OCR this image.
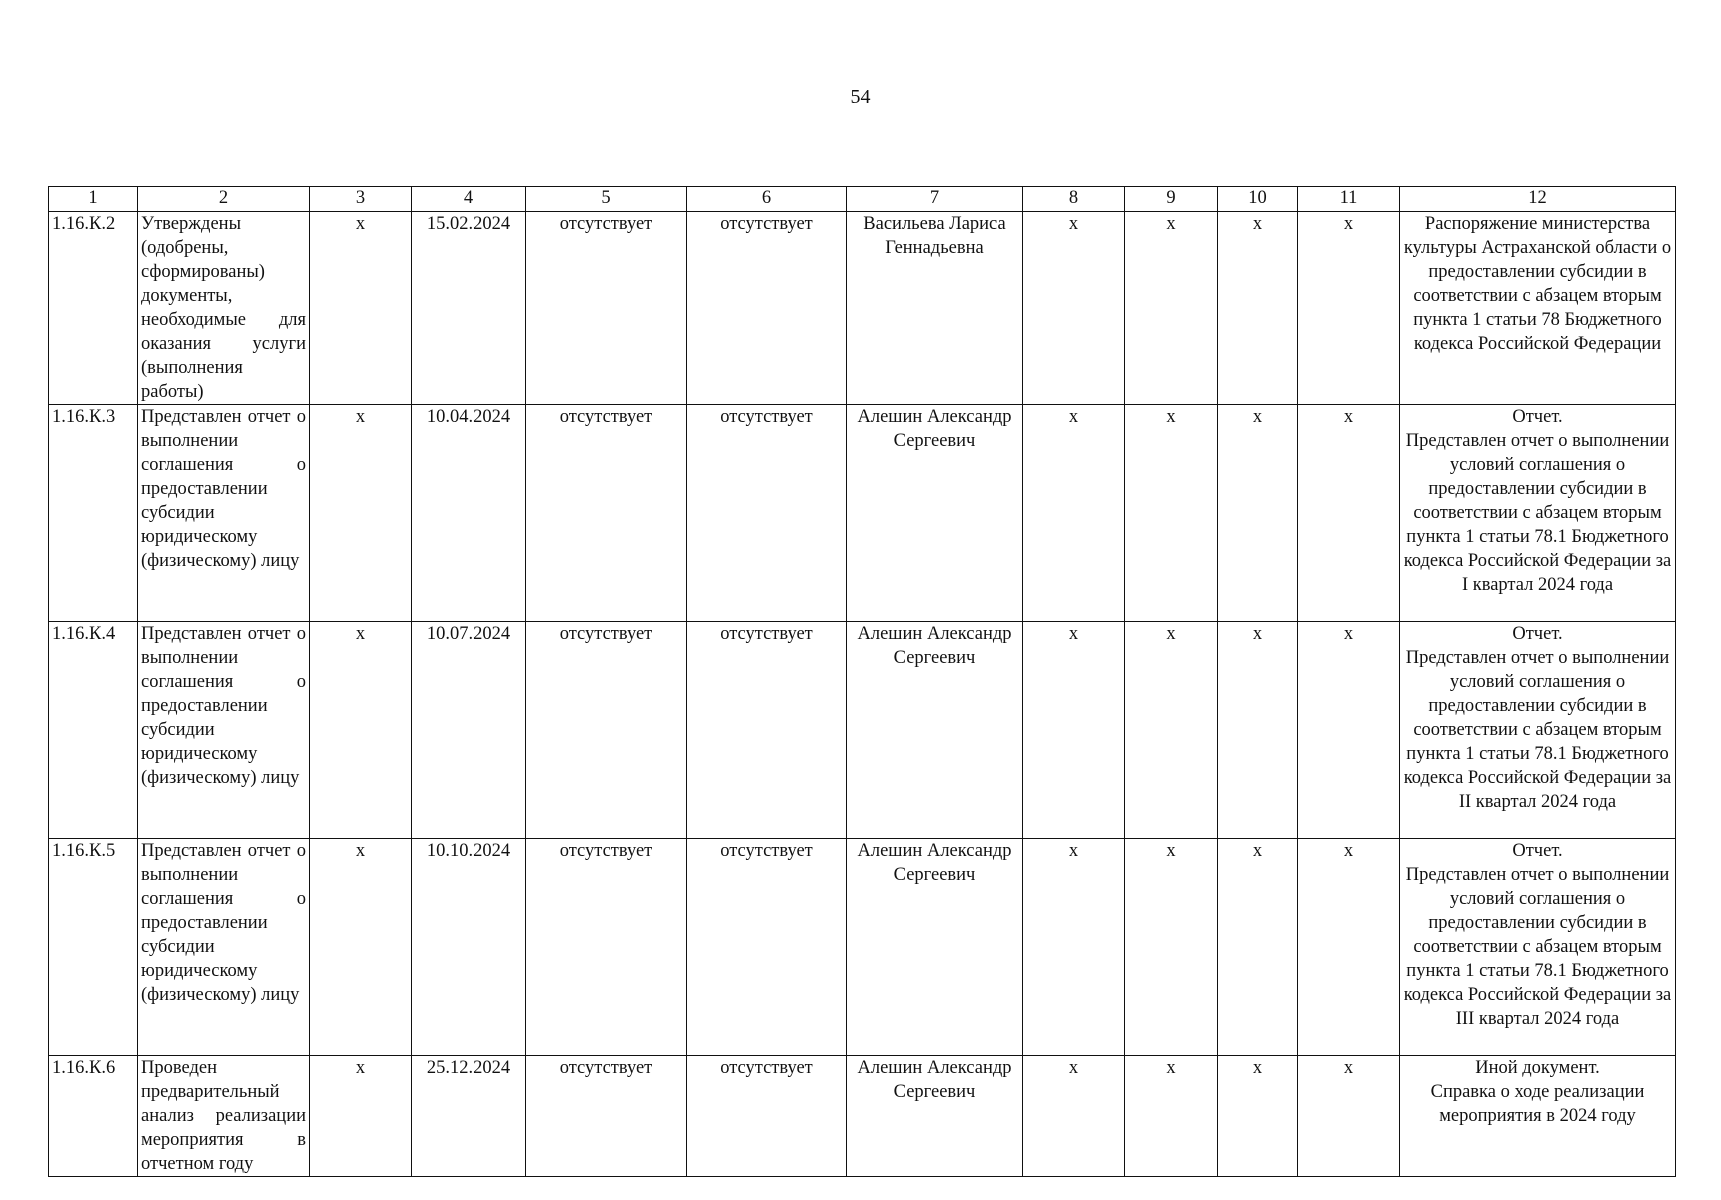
54
1	2	3	4	5	6	7	8	9	10	11	12
1.16.К.2	Утверждены (одобрены, сформированы) документы, необходимые для оказания услуги (выполнения работы)	x	15.02.2024	отсутствует	отсутствует	Васильева Лариса Геннадьевна	x	x	x	x	Распоряжение министерства культуры Астраханской области о предоставлении субсидии в соответствии с абзацем вторым пункта 1 статьи 78 Бюджетного кодекса Российской Федерации

1.16.К.3	Представлен отчет о выполнении соглашения о предоставлении субсидии юридическому (физическому) лицу	x	10.04.2024	отсутствует	отсутствует	Алешин Александр Сергеевич	x	x	x	x	Отчет.
Представлен отчет о выполнении условий соглашения о предоставлении субсидии в соответствии с абзацем вторым пункта 1 статьи 78.1 Бюджетного кодекса Российской Федерации за I квартал 2024 года

1.16.К.4	Представлен отчет о выполнении соглашения о предоставлении субсидии юридическому (физическому) лицу	x	10.07.2024	отсутствует	отсутствует	Алешин Александр Сергеевич	x	x	x	x	Отчет.
Представлен отчет о выполнении условий соглашения о предоставлении субсидии в соответствии с абзацем вторым пункта 1 статьи 78.1 Бюджетного кодекса Российской Федерации за II квартал 2024 года

1.16.К.5	Представлен отчет о выполнении соглашения о предоставлении субсидии юридическому (физическому) лицу	x	10.10.2024	отсутствует	отсутствует	Алешин Александр Сергеевич	x	x	x	x	Отчет.
Представлен отчет о выполнении условий соглашения о предоставлении субсидии в соответствии с абзацем вторым пункта 1 статьи 78.1 Бюджетного кодекса Российской Федерации за III квартал 2024 года

1.16.К.6	Проведен предварительный анализ реализации мероприятия в отчетном году	x	25.12.2024	отсутствует	отсутствует	Алешин Александр Сергеевич	x	x	x	x	Иной документ.
Справка о ходе реализации мероприятия в 2024 году
